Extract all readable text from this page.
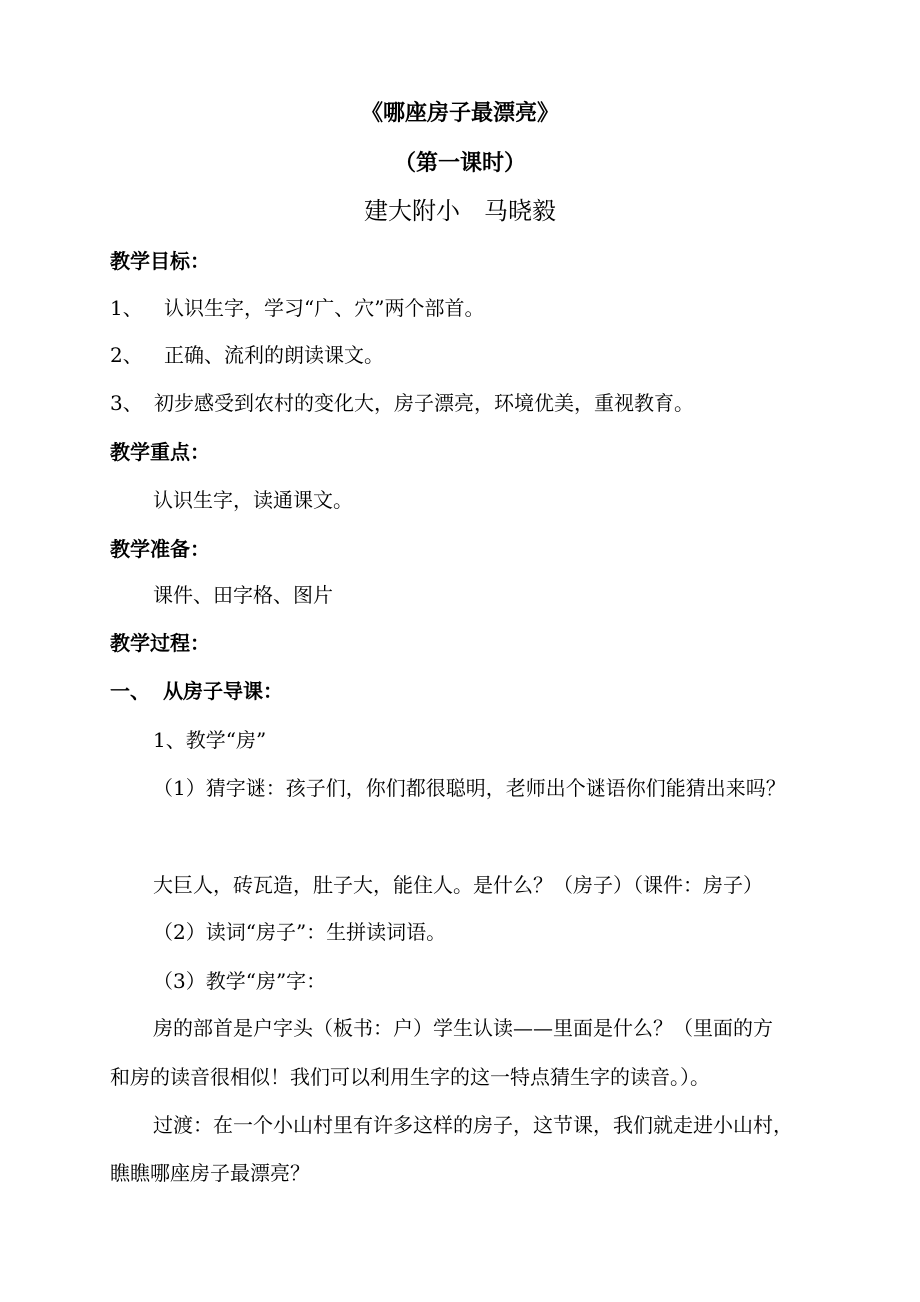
《哪座房子最漂亮》
（第一课时）
建大附小　马晓毅
教学目标：
1、 认识生字，学习“广、穴”两个部首。
2、 正确、流利的朗读课文。
3、 初步感受到农村的变化大，房子漂亮，环境优美，重视教育。
教学重点：
认识生字，读通课文。
教学准备：
课件、田字格、图片
教学过程：
一、 从房子导课：
1、教学“房”
（1）猜字谜：孩子们，你们都很聪明，老师出个谜语你们能猜出来吗？
大巨人，砖瓦造，肚子大，能住人。是什么？（房子）（课件：房子）
（2）读词“房子”：生拼读词语。
（3）教学“房”字：
房的部首是户字头（板书：户）学生认读——里面是什么？（里面的方
和房的读音很相似！我们可以利用生字的这一特点猜生字的读音。）。
过渡：在一个小山村里有许多这样的房子，这节课，我们就走进小山村，
瞧瞧哪座房子最漂亮？
